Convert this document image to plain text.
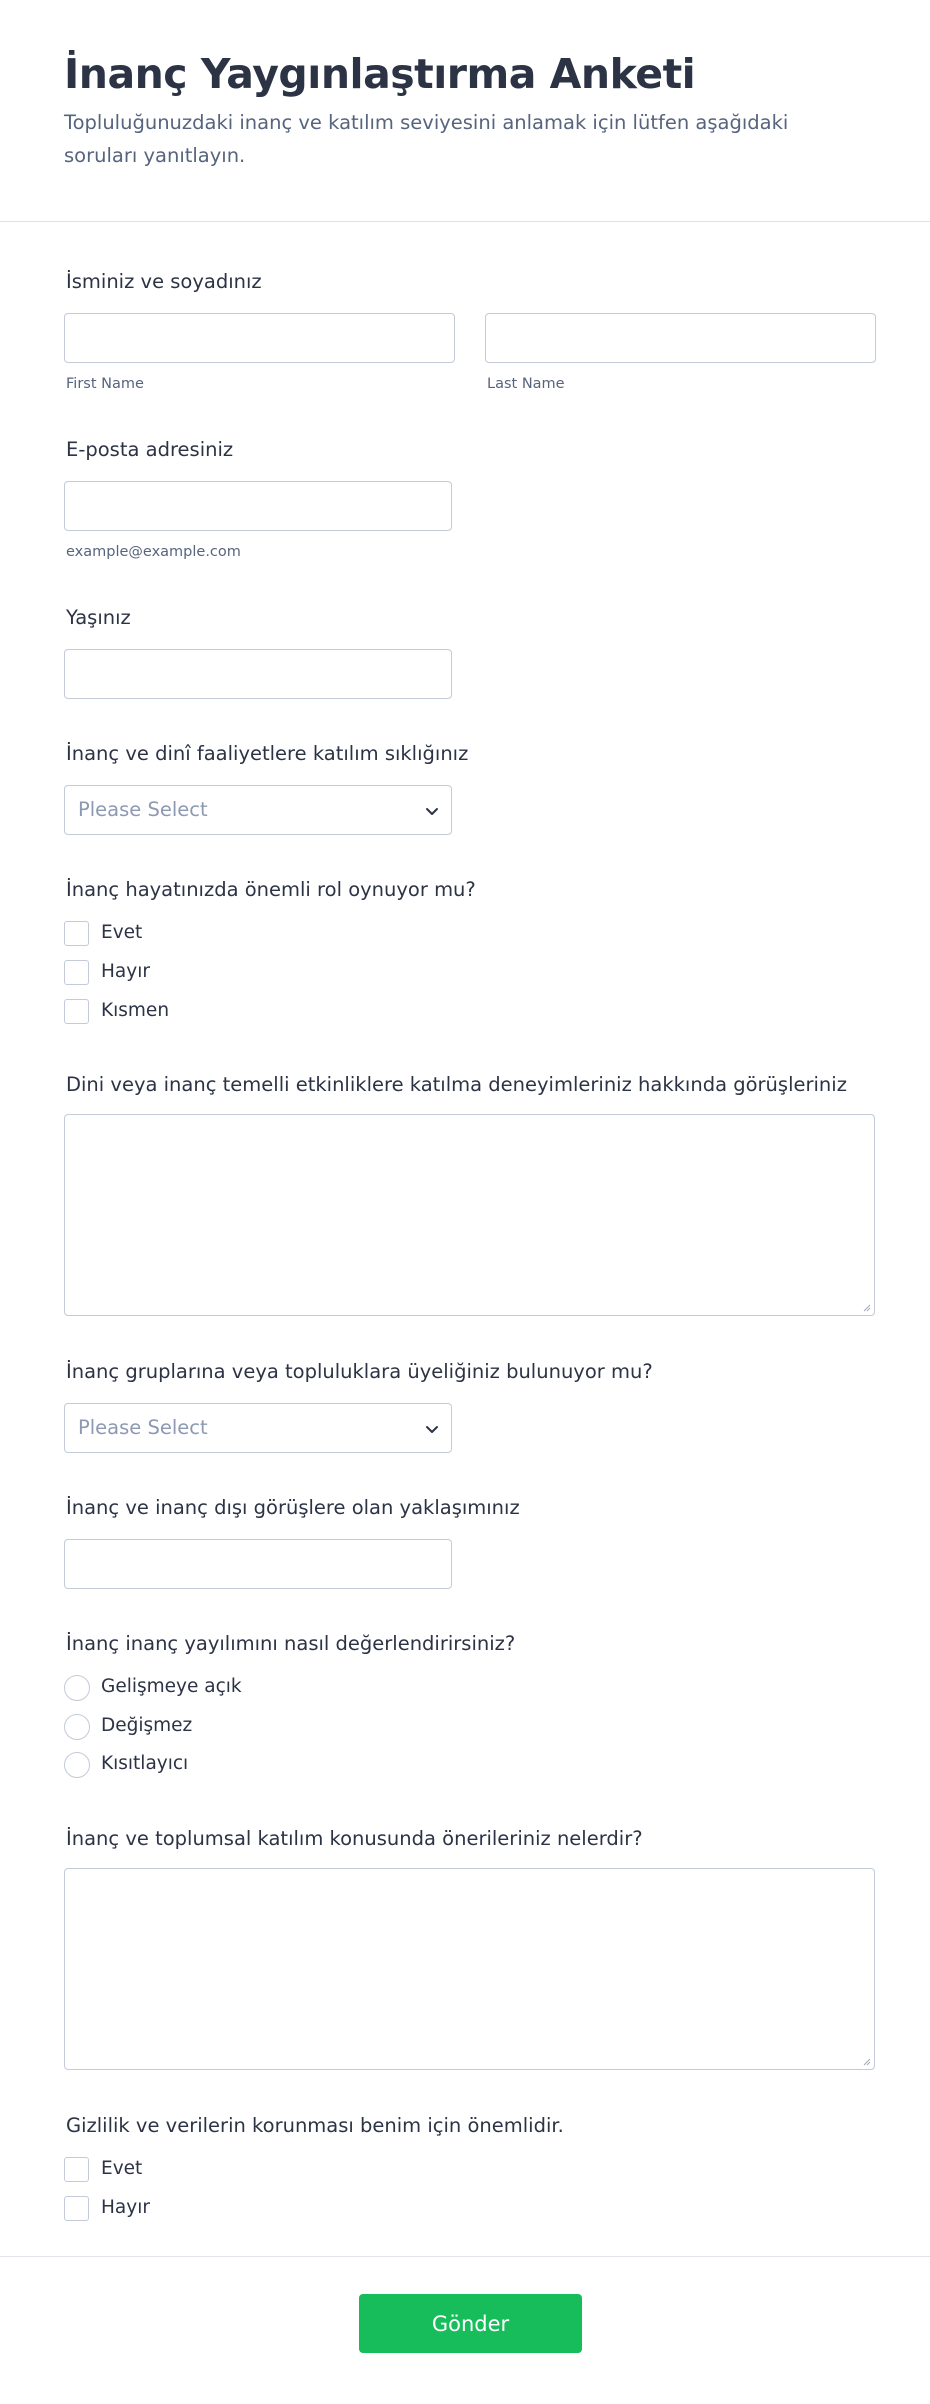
İnanç Yaygınlaştırma Anketi
Topluluğunuzdaki inanç ve katılım seviyesini anlamak için lütfen aşağıdaki soruları yanıtlayın.
İsminiz ve soyadınız
First Name	Last Name
E-posta adresiniz
example@example.com
Yaşınız
İnanç ve dinî faaliyetlere katılım sıklığınız
Please Select
İnanç hayatınızda önemli rol oynuyor mu?
Evet
Hayır
Kısmen
Dini veya inanç temelli etkinliklere katılma deneyimleriniz hakkında görüşleriniz
İnanç gruplarına veya topluluklara üyeliğiniz bulunuyor mu?
Please Select
İnanç ve inanç dışı görüşlere olan yaklaşımınız
İnanç inanç yayılımını nasıl değerlendirirsiniz?
Gelişmeye açık
Değişmez
Kısıtlayıcı
İnanç ve toplumsal katılım konusunda önerileriniz nelerdir?
Gizlilik ve verilerin korunması benim için önemlidir.
Evet
Hayır
Gönder
